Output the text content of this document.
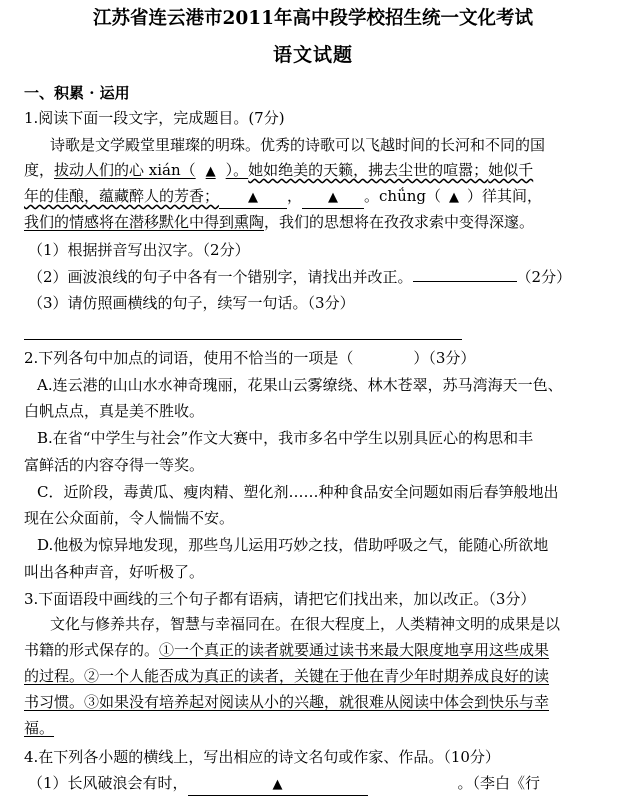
江苏省连云港市2011年高中段学校招生统一文化考试
语文试题
一、积累 · 运用
1.阅读下面一段文字，完成题目。(7分)
诗歌是文学殿堂里璀璨的明珠。优秀的诗歌可以飞越时间的长河和不同的国
度，拔动人们的心 xián（ ▲ ）。她如绝美的天籁，拂去尘世的喧嚣；她似千
年的佳酿，蕴藏醉人的芳香； ▲ ， ▲ 。chǘng（ ▲ ）徉其间，
我们的情感将在潜移默化中得到熏陶，我们的思想将在孜孜求索中变得深邃。
（1）根据拼音写出汉字。（2分）
（2）画波浪线的句子中各有一个错别字，请找出并改正。	（2分）
（3）请仿照画横线的句子，续写一句话。（3分）
2.下列各句中加点的词语，使用不恰当的一项是（	）（3分）
A.连云港的山山水水神奇瑰丽，花果山云雾缭绕、林木苍翠，苏马湾海天一色、
白帆点点，真是美不胜收。
B.在省“中学生与社会”作文大赛中，我市多名中学生以别具匠心的构思和丰
富鲜活的内容夺得一等奖。
C．近阶段，毒黄瓜、瘦肉精、塑化剂……种种食品安全问题如雨后春笋般地出
现在公众面前，令人惴惴不安。
D.他极为惊异地发现，那些鸟儿运用巧妙之技，借助呼吸之气，能随心所欲地
叫出各种声音，好听极了。
3.下面语段中画线的三个句子都有语病，请把它们找出来，加以改正。（3分）
文化与修养共存，智慧与幸福同在。在很大程度上，人类精神文明的成果是以
书籍的形式保存的。①一个真正的读者就要通过读书来最大限度地享用这些成果
的过程。②一个人能否成为真正的读者，关键在于他在青少年时期养成良好的读
书习惯。③如果没有培养起对阅读从小的兴趣，就很难从阅读中体会到快乐与幸
福。
4.在下列各小题的横线上，写出相应的诗文名句或作家、作品。（10分）
（1）长风破浪会有时，	▲	。（李白《行
